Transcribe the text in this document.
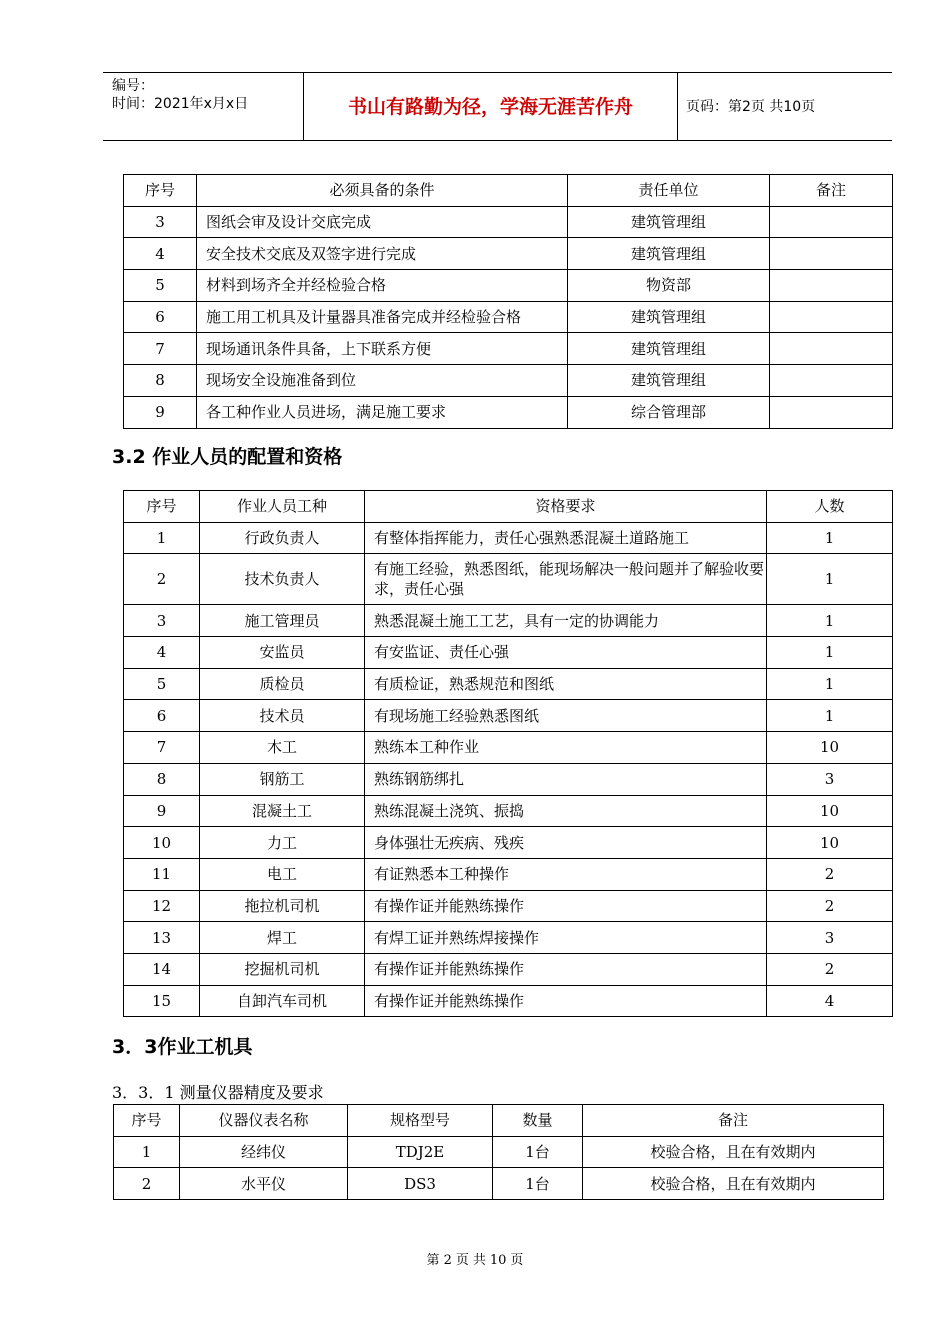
编号：
时间：2021年x月x日	书山有路勤为径，学海无涯苦作舟	页码：第2页 共10页
序号	必须具备的条件	责任单位	备注
3	图纸会审及设计交底完成	建筑管理组	
4	安全技术交底及双签字进行完成	建筑管理组	
5	材料到场齐全并经检验合格	物资部	
6	施工用工机具及计量器具准备完成并经检验合格	建筑管理组	
7	现场通讯条件具备，上下联系方便	建筑管理组	
8	现场安全设施准备到位	建筑管理组	
9	各工种作业人员进场，满足施工要求	综合管理部	
3.2 作业人员的配置和资格
序号	作业人员工种	资格要求	人数
1	行政负责人	有整体指挥能力，责任心强熟悉混凝土道路施工	1
2	技术负责人	有施工经验，熟悉图纸，能现场解决一般问题并了解验收要求，责任心强	1
3	施工管理员	熟悉混凝土施工工艺，具有一定的协调能力	1
4	安监员	有安监证、责任心强	1
5	质检员	有质检证，熟悉规范和图纸	1
6	技术员	有现场施工经验熟悉图纸	1
7	木工	熟练本工种作业	10
8	钢筋工	熟练钢筋绑扎	3
9	混凝土工	熟练混凝土浇筑、振捣	10
10	力工	身体强壮无疾病、残疾	10
11	电工	有证熟悉本工种操作	2
12	拖拉机司机	有操作证并能熟练操作	2
13	焊工	有焊工证并熟练焊接操作	3
14	挖掘机司机	有操作证并能熟练操作	2
15	自卸汽车司机	有操作证并能熟练操作	4
3．3作业工机具
3．3．1 测量仪器精度及要求
序号	仪器仪表名称	规格型号	数量	备注
1	经纬仪	TDJ2E	1台	校验合格，且在有效期内
2	水平仪	DS3	1台	校验合格，且在有效期内
第 2 页 共 10 页
